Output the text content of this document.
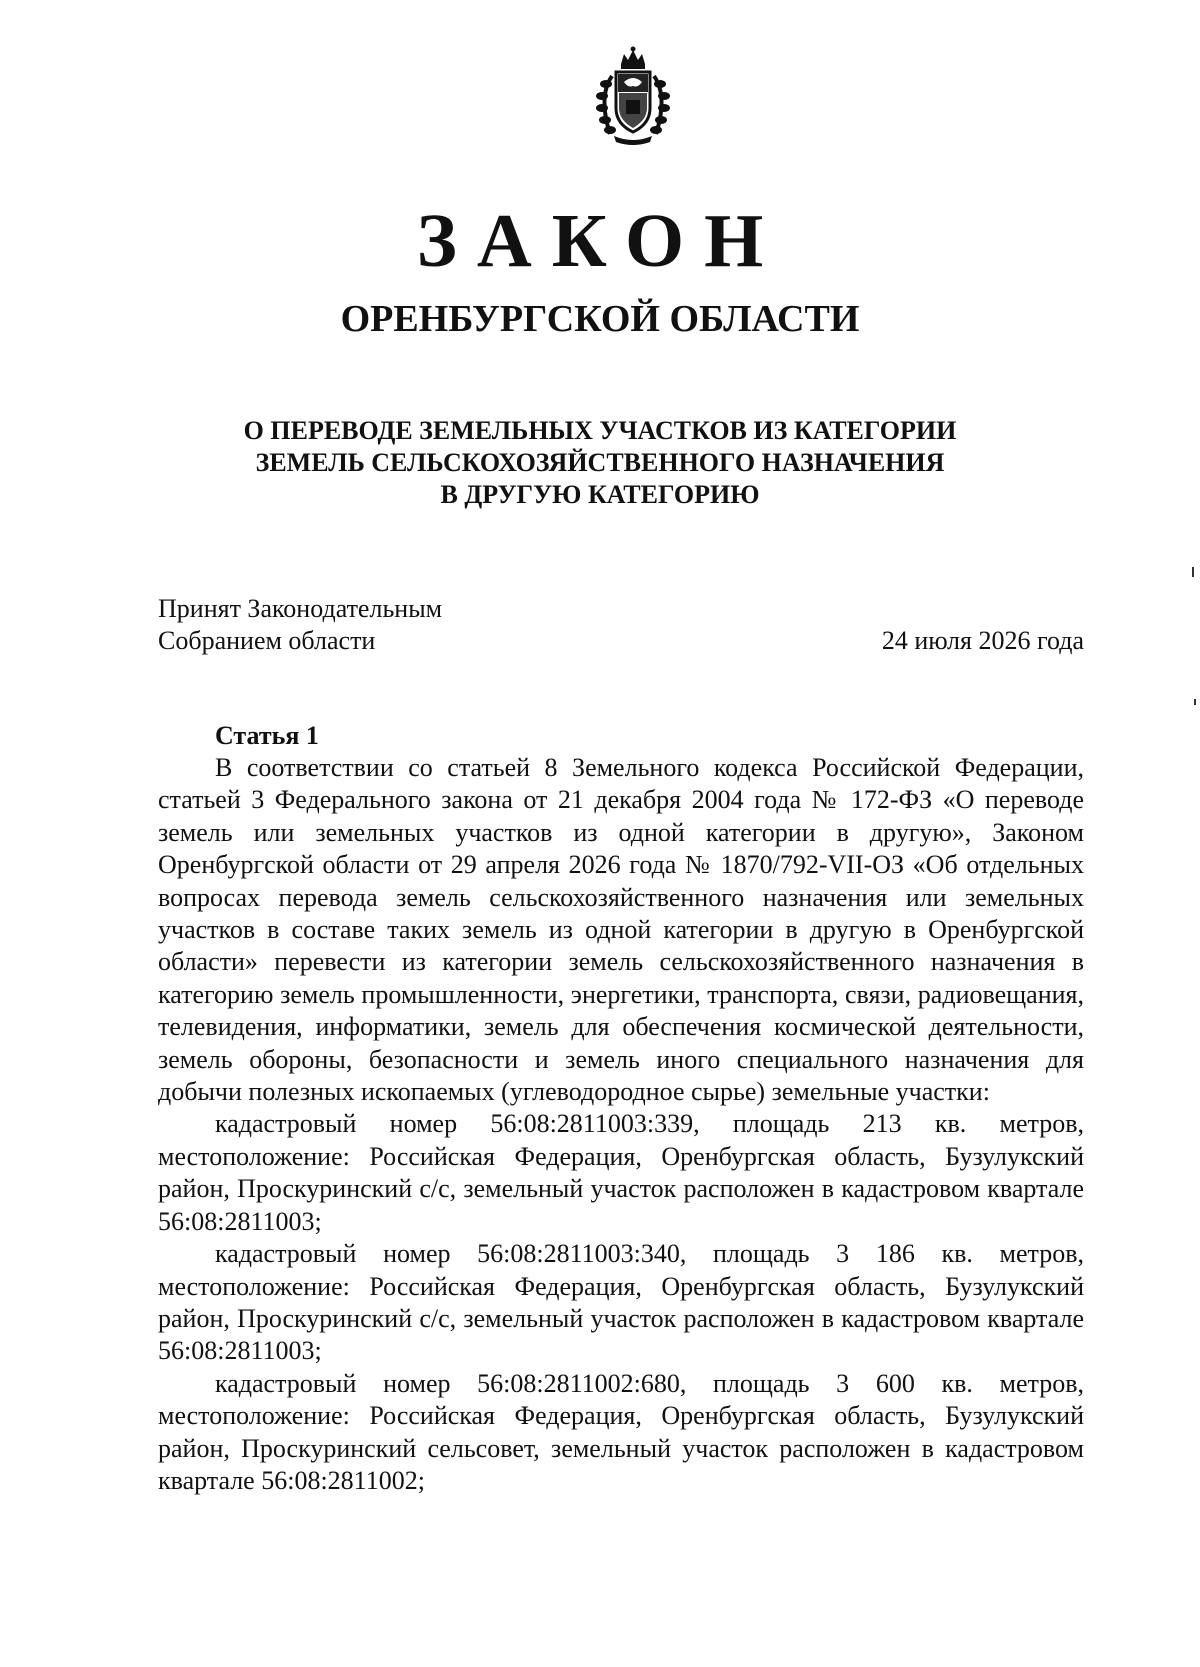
ЗАКОН
ОРЕНБУРГСКОЙ ОБЛАСТИ
О ПЕРЕВОДЕ ЗЕМЕЛЬНЫХ УЧАСТКОВ ИЗ КАТЕГОРИИ
ЗЕМЕЛЬ СЕЛЬСКОХОЗЯЙСТВЕННОГО НАЗНАЧЕНИЯ
В ДРУГУЮ КАТЕГОРИЮ
Принят Законодательным
Собранием области	24 июля 2026 года
Статья 1

В соответствии со статьей 8 Земельного кодекса Российской Федерации, статьей 3 Федерального закона от 21 декабря 2004 года № 172-ФЗ «О переводе земель или земельных участков из одной категории в другую», Законом Оренбургской области от 29 апреля 2026 года № 1870/792-VII-ОЗ «Об отдельных вопросах перевода земель сельскохозяйственного назначения или земельных участков в составе таких земель из одной категории в другую в Оренбургской области» перевести из категории земель сельскохозяйственного назначения в категорию земель промышленности, энергетики, транспорта, связи, радиовещания, телевидения, информатики, земель для обеспечения космической деятельности, земель обороны, безопасности и земель иного специального назначения для добычи полезных ископаемых (углеводородное сырье) земельные участки:

кадастровый номер 56:08:2811003:339, площадь 213 кв. метров, местоположение: Российская Федерация, Оренбургская область, Бузулукский район, Проскуринский с/с, земельный участок расположен в кадастровом квартале 56:08:2811003;

кадастровый номер 56:08:2811003:340, площадь 3 186 кв. метров, местоположение: Российская Федерация, Оренбургская область, Бузулукский район, Проскуринский с/с, земельный участок расположен в кадастровом квартале 56:08:2811003;

кадастровый номер 56:08:2811002:680, площадь 3 600 кв. метров, местоположение: Российская Федерация, Оренбургская область, Бузулукский район, Проскуринский сельсовет, земельный участок расположен в кадастровом квартале 56:08:2811002;
